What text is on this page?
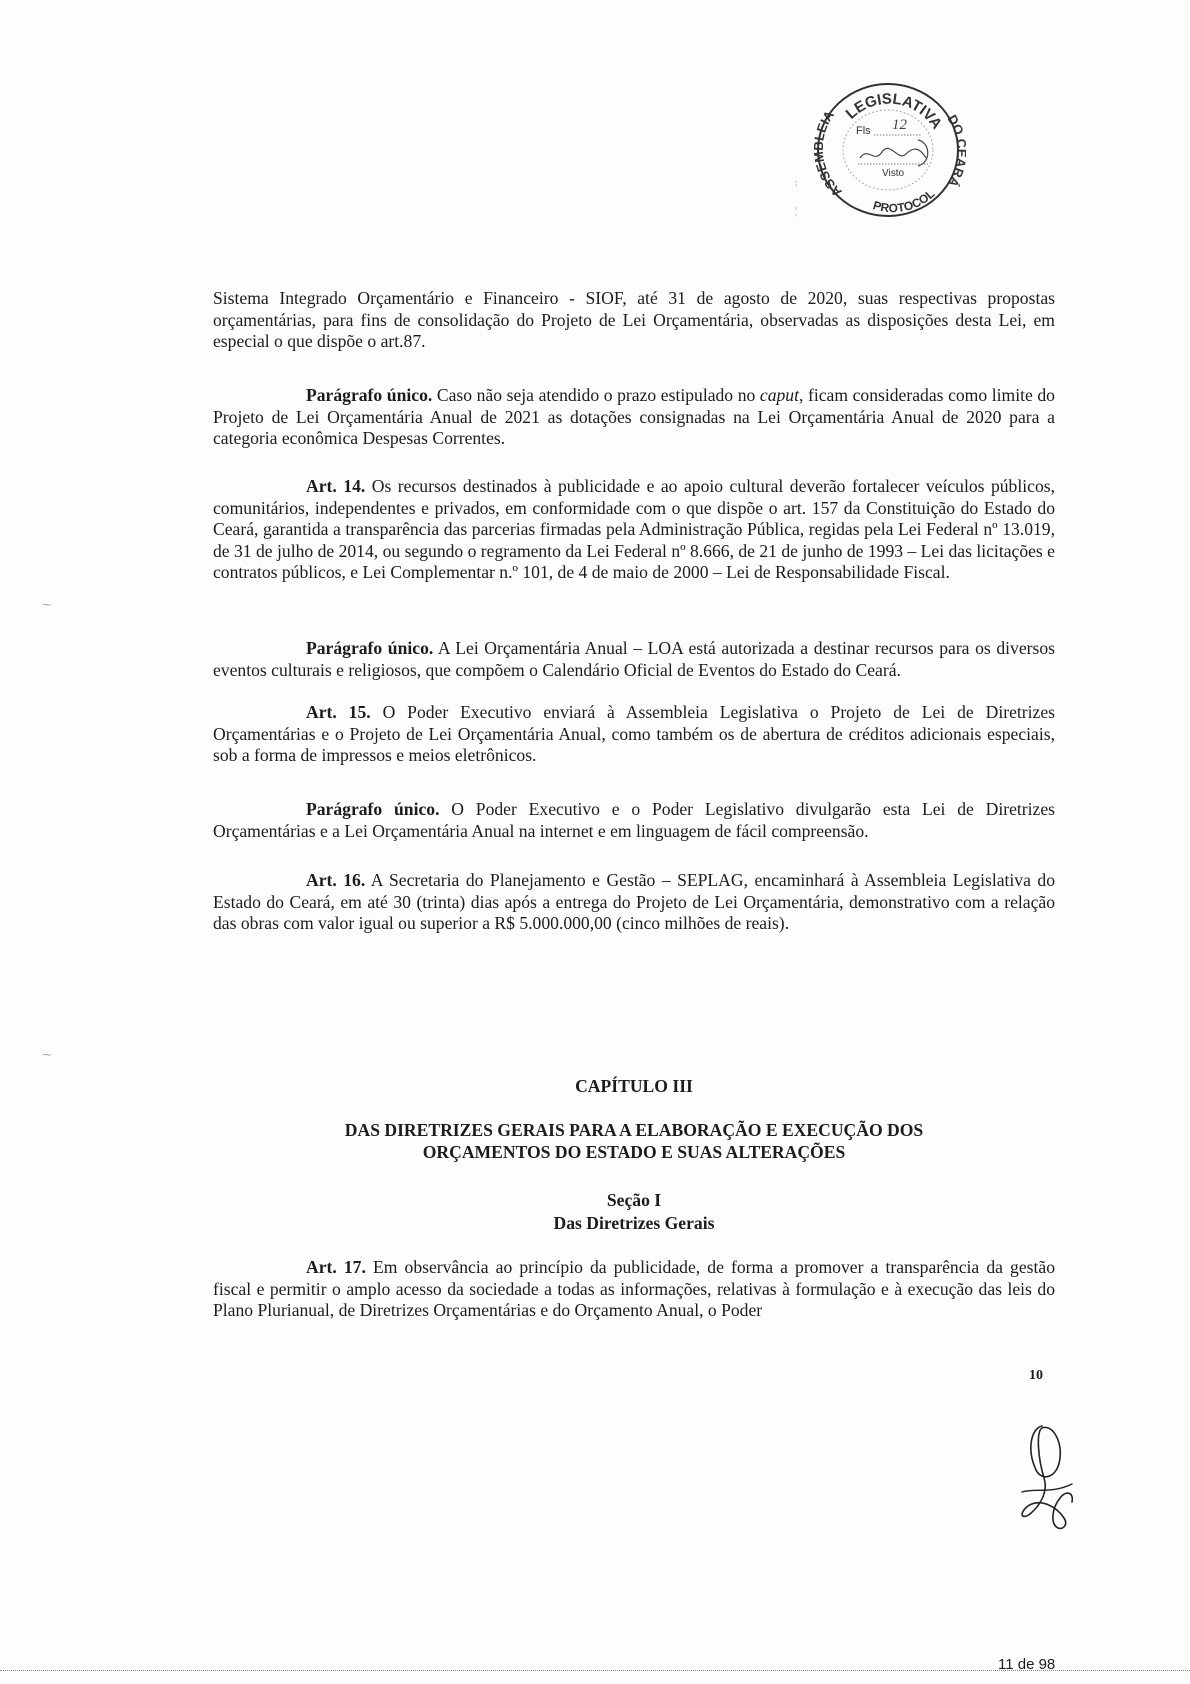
LEGISLATIVA
ASSEMBLEIA	DO RÁ
PROTOCOL
Fls 12
Visto
:
¦
⁓
⁓

Sistema Integrado Orçamentário e Financeiro - SIOF, até 31 de agosto de 2020, suas respectivas propostas orçamentárias, para fins de consolidação do Projeto de Lei Orçamentária, observadas as disposições desta Lei, em especial o que dispõe o art.87.

Parágrafo único. Caso não seja atendido o prazo estipulado no caput, ficam consideradas como limite do Projeto de Lei Orçamentária Anual de 2021 as dotações consignadas na Lei Orçamentária Anual de 2020 para a categoria econômica Despesas Correntes.

Art. 14. Os recursos destinados à publicidade e ao apoio cultural deverão fortalecer veículos públicos, comunitários, independentes e privados, em conformidade com o que dispõe o art. 157 da Constituição do Estado do Ceará, garantida a transparência das parcerias firmadas pela Administração Pública, regidas pela Lei Federal nº 13.019, de 31 de julho de 2014, ou segundo o regramento da Lei Federal nº 8.666, de 21 de junho de 1993 – Lei das licitações e contratos públicos, e Lei Complementar n.º 101, de 4 de maio de 2000 – Lei de Responsabilidade Fiscal.

Parágrafo único. A Lei Orçamentária Anual – LOA está autorizada a destinar recursos para os diversos eventos culturais e religiosos, que compõem o Calendário Oficial de Eventos do Estado do Ceará.

Art. 15. O Poder Executivo enviará à Assembleia Legislativa o Projeto de Lei de Diretrizes Orçamentárias e o Projeto de Lei Orçamentária Anual, como também os de abertura de créditos adicionais especiais, sob a forma de impressos e meios eletrônicos.

Parágrafo único. O Poder Executivo e o Poder Legislativo divulgarão esta Lei de Diretrizes Orçamentárias e a Lei Orçamentária Anual na internet e em linguagem de fácil compreensão.

Art. 16. A Secretaria do Planejamento e Gestão – SEPLAG, encaminhará à Assembleia Legislativa do Estado do Ceará, em até 30 (trinta) dias após a entrega do Projeto de Lei Orçamentária, demonstrativo com a relação das obras com valor igual ou superior a R$ 5.000.000,00 (cinco milhões de reais).

CAPÍTULO III

DAS DIRETRIZES GERAIS PARA A ELABORAÇÃO E EXECUÇÃO DOS

ORÇAMENTOS DO ESTADO E SUAS ALTERAÇÕES

Seção I

Das Diretrizes Gerais

Art. 17. Em observância ao princípio da publicidade, de forma a promover a transparência da gestão fiscal e permitir o amplo acesso da sociedade a todas as informações, relativas à formulação e à execução das leis do Plano Plurianual, de Diretrizes Orçamentárias e do Orçamento Anual, o Poder

10
11 de 98
